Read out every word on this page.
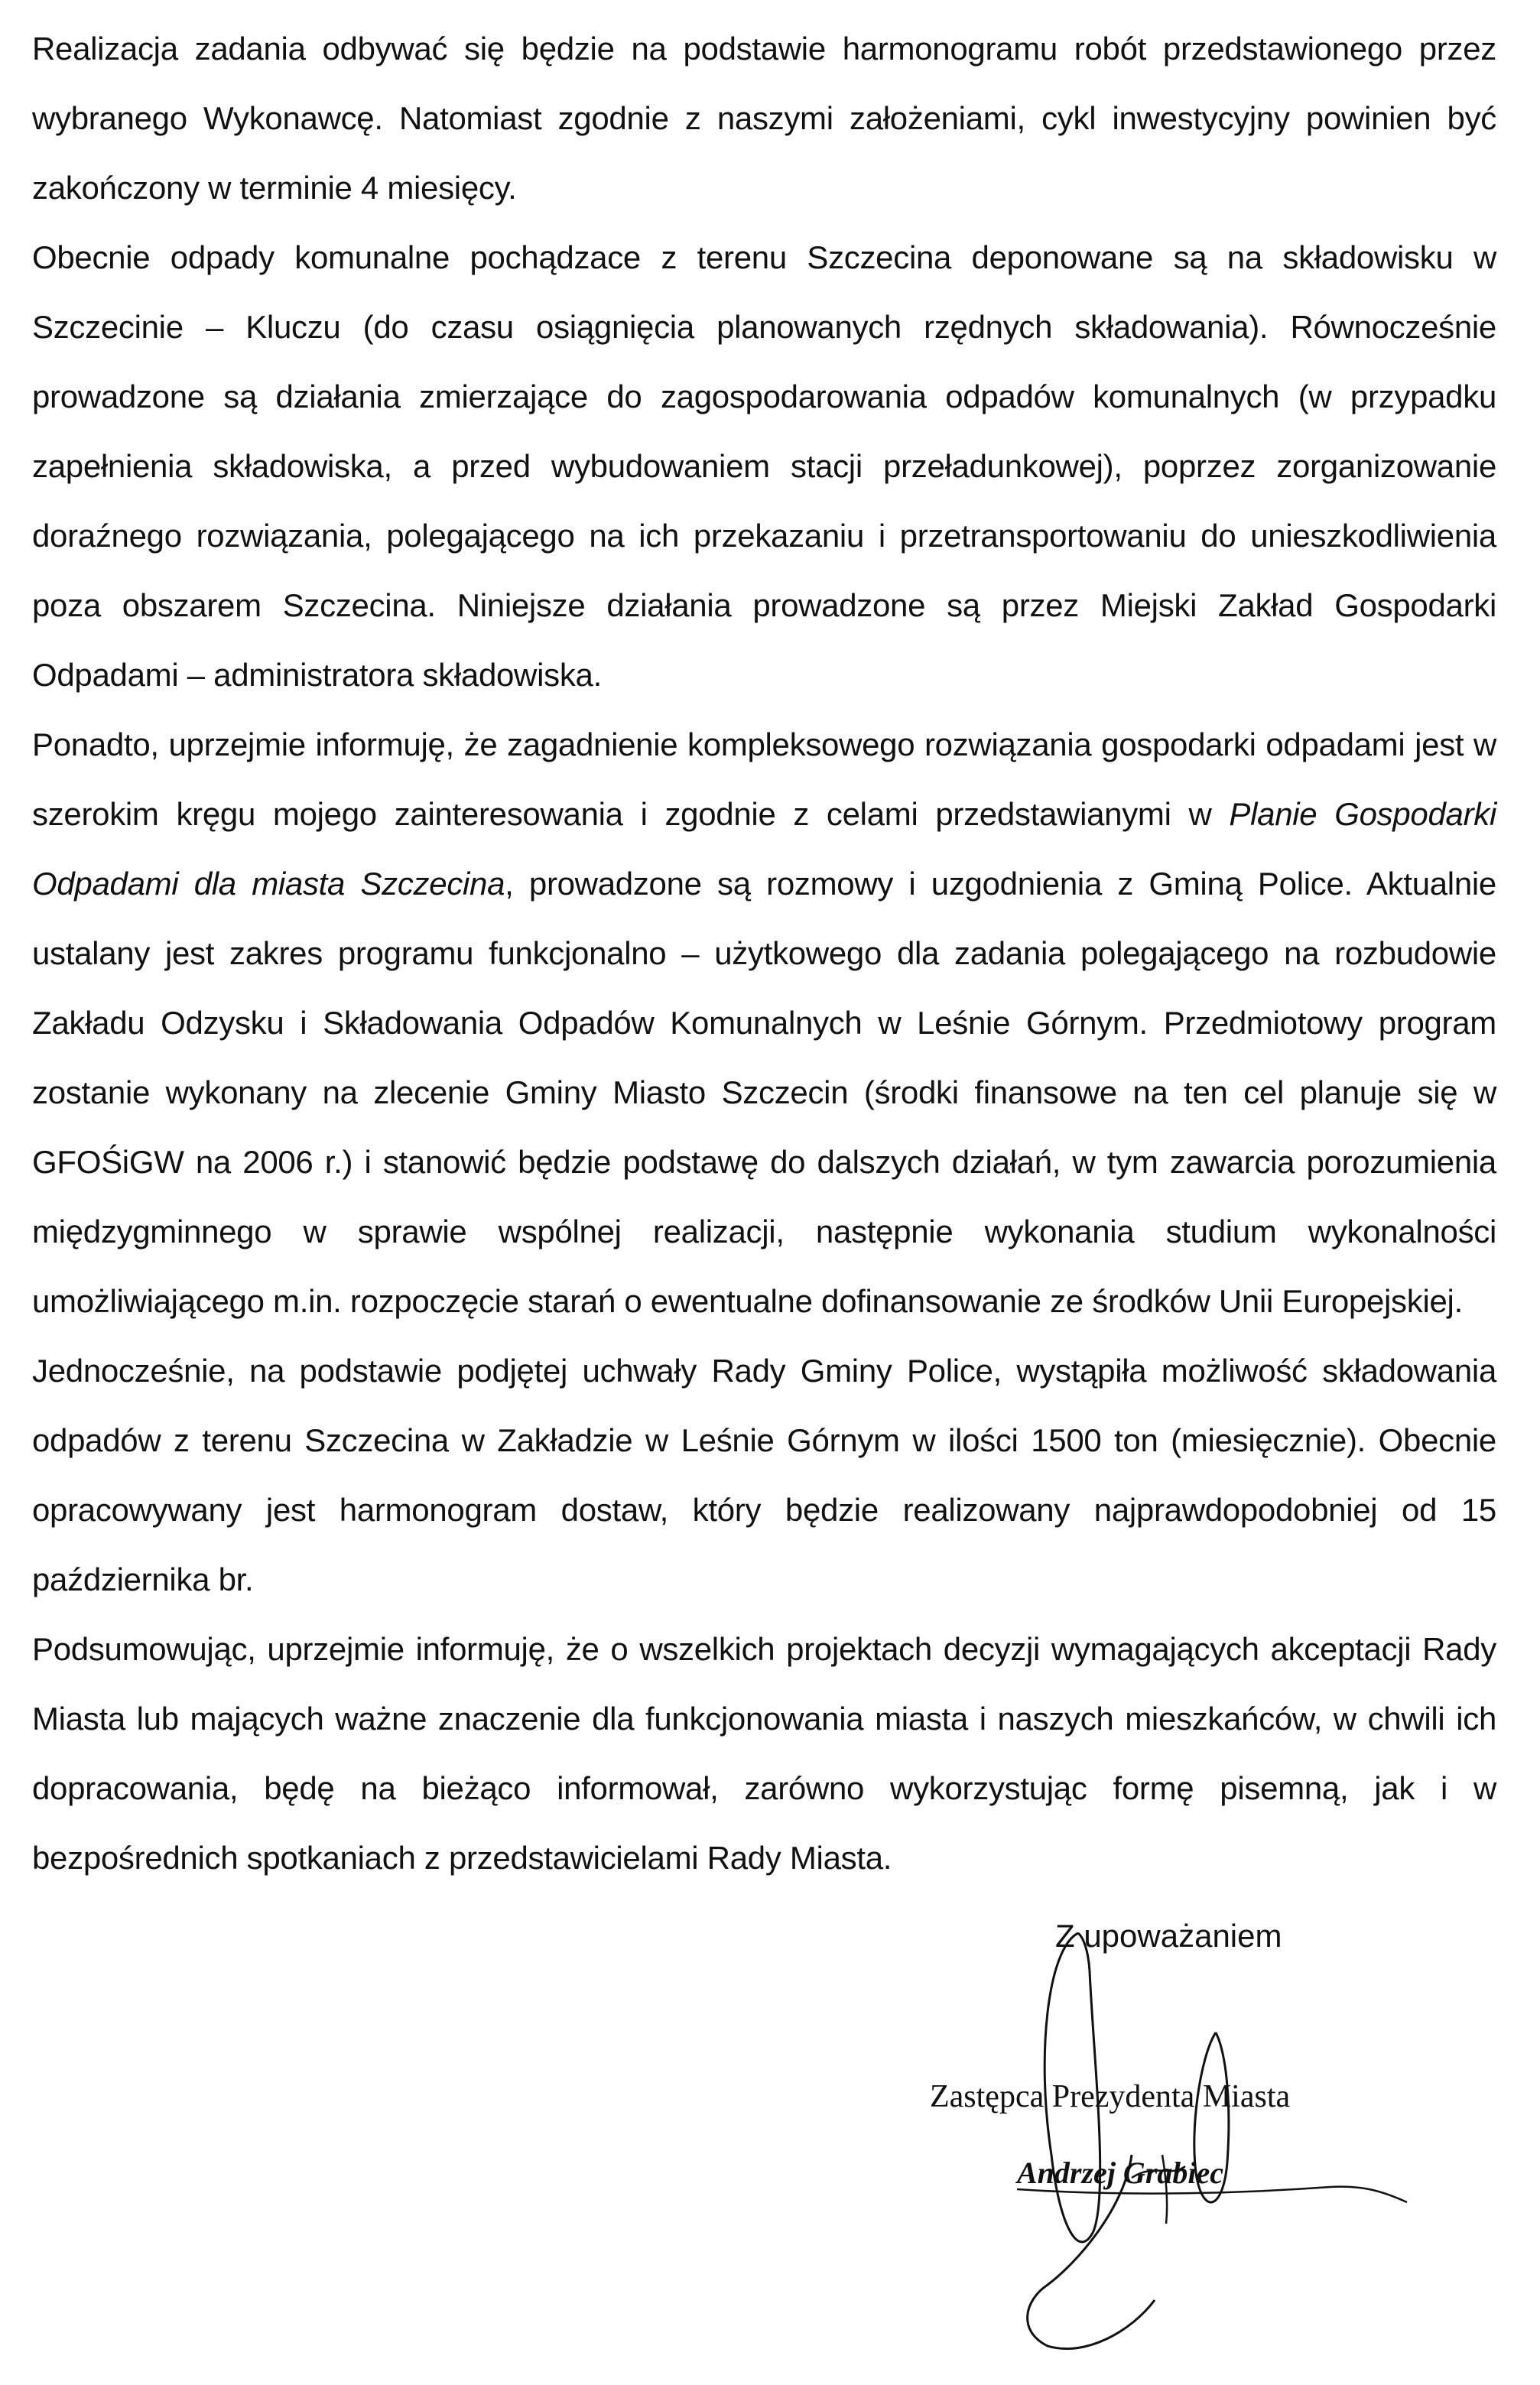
Realizacja zadania odbywać się będzie na podstawie harmonogramu robót przedstawionego przez wybranego Wykonawcę. Natomiast zgodnie z naszymi założeniami, cykl inwestycyjny powinien być zakończony w terminie 4 miesięcy.

Obecnie odpady komunalne pochądzace z terenu Szczecina deponowane są na składowisku w Szczecinie – Kluczu (do czasu osiągnięcia planowanych rzędnych składowania). Równocześnie prowadzone są działania zmierzające do zagospodarowania odpadów komunalnych (w przypadku zapełnienia składowiska, a przed wybudowaniem stacji przeładunkowej), poprzez zorganizowanie doraźnego rozwiązania, polegającego na ich przekazaniu i przetransportowaniu do unieszkodliwienia poza obszarem Szczecina. Niniejsze działania prowadzone są przez Miejski Zakład Gospodarki Odpadami – administratora składowiska.

Ponadto, uprzejmie informuję, że zagadnienie kompleksowego rozwiązania gospodarki odpadami jest w szerokim kręgu mojego zainteresowania i zgodnie z celami przedstawianymi w Planie Gospodarki Odpadami dla miasta Szczecina, prowadzone są rozmowy i uzgodnienia z Gminą Police. Aktualnie ustalany jest zakres programu funkcjonalno – użytkowego dla zadania polegającego na rozbudowie Zakładu Odzysku i Składowania Odpadów Komunalnych w Leśnie Górnym. Przedmiotowy program zostanie wykonany na zlecenie Gminy Miasto Szczecin (środki finansowe na ten cel planuje się w GFOŚiGW na 2006 r.) i stanowić będzie podstawę do dalszych działań, w tym zawarcia porozumienia międzygminnego w sprawie wspólnej realizacji, następnie wykonania studium wykonalności umożliwiającego m.in. rozpoczęcie starań o ewentualne dofinansowanie ze środków Unii Europejskiej.

Jednocześnie, na podstawie podjętej uchwały Rady Gminy Police, wystąpiła możliwość składowania odpadów z terenu Szczecina w Zakładzie w Leśnie Górnym w ilości 1500 ton (miesięcznie). Obecnie opracowywany jest harmonogram dostaw, który będzie realizowany najprawdopodobniej od 15 października br.

Podsumowując, uprzejmie informuję, że o wszelkich projektach decyzji wymagających akceptacji Rady Miasta lub mających ważne znaczenie dla funkcjonowania miasta i naszych mieszkańców, w chwili ich dopracowania, będę na bieżąco informował, zarówno wykorzystując formę pisemną, jak i w bezpośrednich spotkaniach z przedstawicielami Rady Miasta.

Z upoważaniem
Zastępca Prezydenta Miasta
Andrzej Grabiec
